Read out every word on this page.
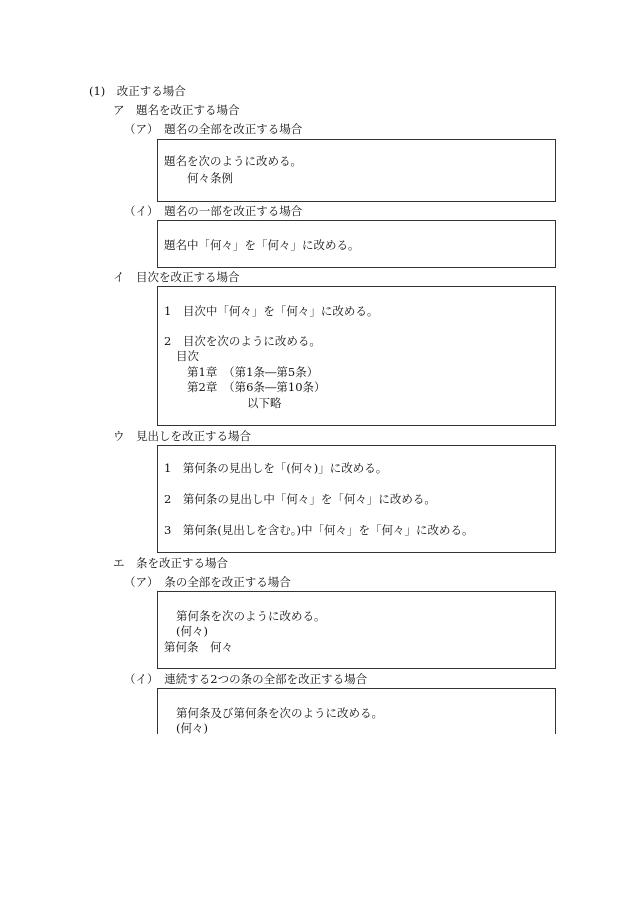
(1)　改正する場合
ア　題名を改正する場合
（ア）　題名の全部を改正する場合
題名を次のように改める。
何々条例
（イ）　題名の一部を改正する場合
題名中「何々」を「何々」に改める。
イ　目次を改正する場合
1　目次中「何々」を「何々」に改める。
2　目次を次のように改める。
目次
第1章　（第1条―第5条）
第2章　（第6条―第10条）
以下略
ウ　見出しを改正する場合
1　第何条の見出しを「(何々)」に改める。
2　第何条の見出し中「何々」を「何々」に改める。
3　第何条(見出しを含む。)中「何々」を「何々」に改める。
エ　条を改正する場合
（ア）　条の全部を改正する場合
第何条を次のように改める。
(何々)
第何条　何々
（イ）　連続する2つの条の全部を改正する場合
第何条及び第何条を次のように改める。
(何々)
